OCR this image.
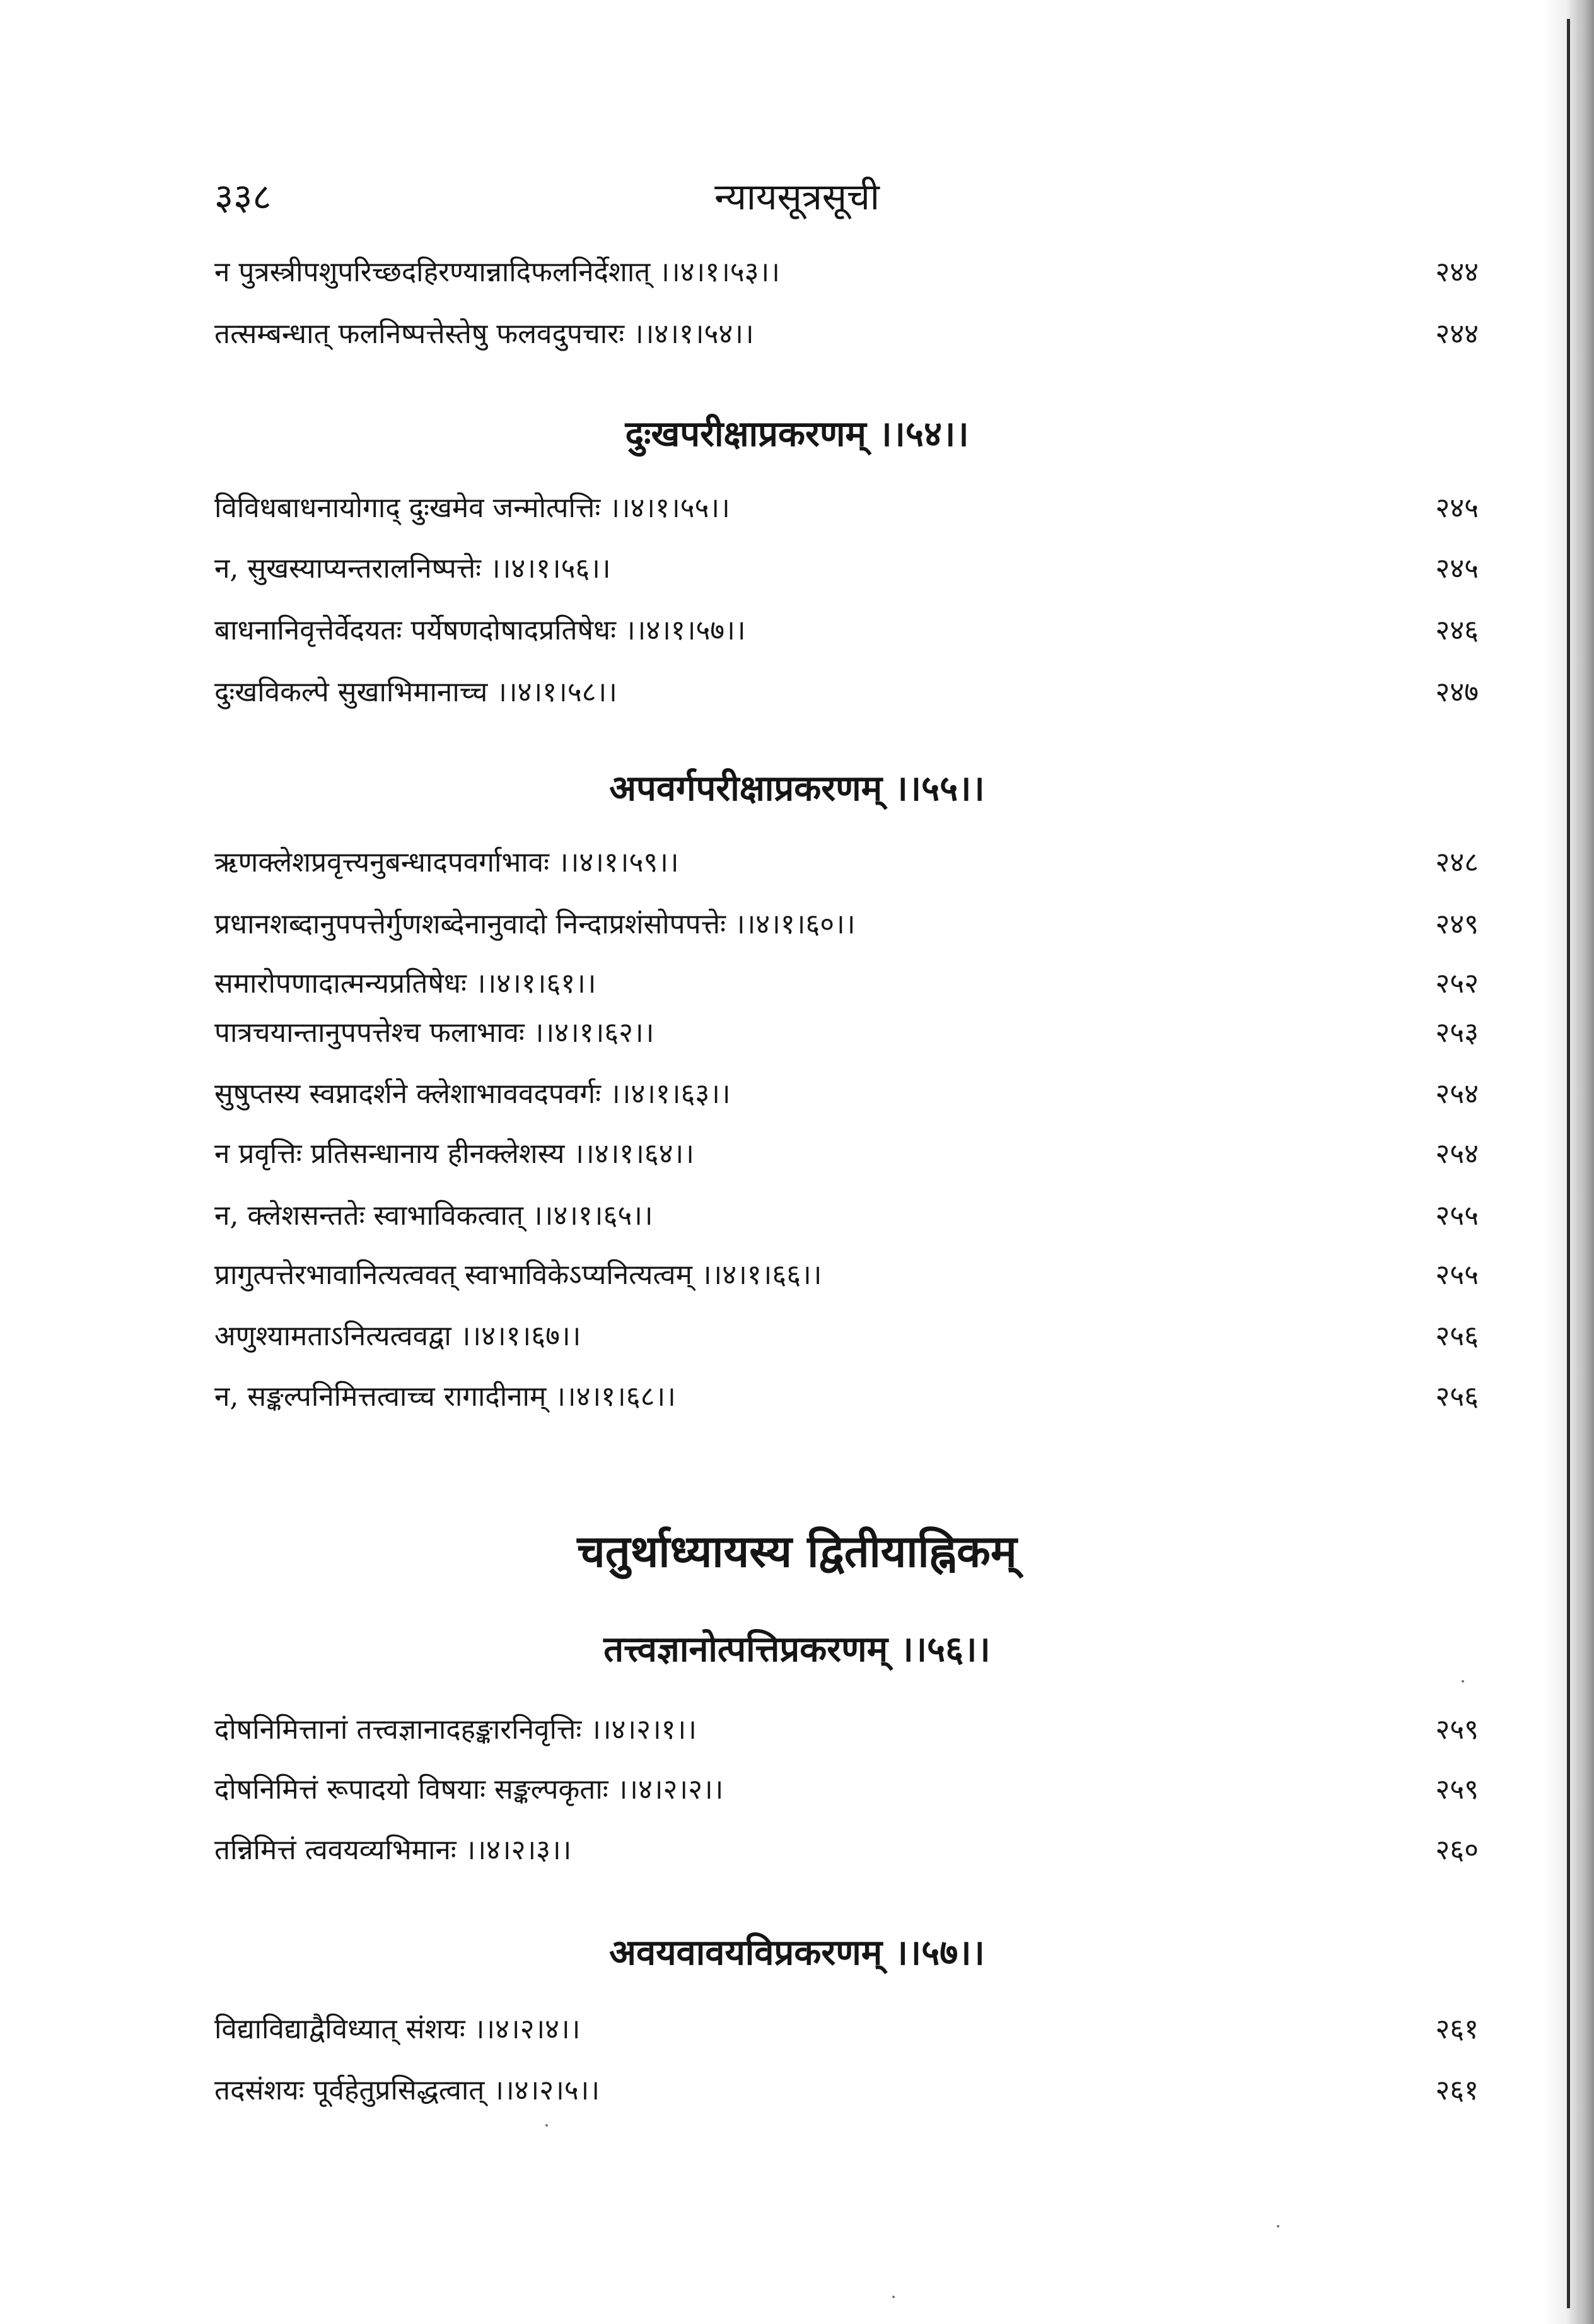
न्यायसूत्रसूची
३३८
न पुत्रस्त्रीपशुपरिच्छदहिरण्यान्नादिफलनिर्देशात् ।।४।१।५३।।	२४४
तत्सम्बन्धात् फलनिष्पत्तेस्तेषु फलवदुपचारः ।।४।१।५४।।	२४४
दुःखपरीक्षाप्रकरणम् ।।५४।।
विविधबाधनायोगाद् दुःखमेव जन्मोत्पत्तिः ।।४।१।५५।।	२४५
न, सुखस्याप्यन्तरालनिष्पत्तेः ।।४।१।५६।।	२४५
बाधनानिवृत्तेर्वेदयतः पर्येषणदोषादप्रतिषेधः ।।४।१।५७।।	२४६
दुःखविकल्पे सुखाभिमानाच्च ।।४।१।५८।।	२४७
अपवर्गपरीक्षाप्रकरणम् ।।५५।।
ऋणक्लेशप्रवृत्त्यनुबन्धादपवर्गाभावः ।।४।१।५९।।	२४८
प्रधानशब्दानुपपत्तेर्गुणशब्देनानुवादो निन्दाप्रशंसोपपत्तेः ।।४।१।६०।।	२४९
समारोपणादात्मन्यप्रतिषेधः ।।४।१।६१।।	२५२
पात्रचयान्तानुपपत्तेश्च फलाभावः ।।४।१।६२।।	२५३
सुषुप्तस्य स्वप्नादर्शने क्लेशाभाववदपवर्गः ।।४।१।६३।।	२५४
न प्रवृत्तिः प्रतिसन्धानाय हीनक्लेशस्य ।।४।१।६४।।	२५४
न, क्लेशसन्ततेः स्वाभाविकत्वात् ।।४।१।६५।।	२५५
प्रागुत्पत्तेरभावानित्यत्ववत् स्वाभाविकेऽप्यनित्यत्वम् ।।४।१।६६।।	२५५
अणुश्यामताऽनित्यत्ववद्वा ।।४।१।६७।।	२५६
न, सङ्कल्पनिमित्तत्वाच्च रागादीनाम् ।।४।१।६८।।	२५६
चतुर्थाध्यायस्य द्वितीयाह्निकम्
तत्त्वज्ञानोत्पत्तिप्रकरणम् ।।५६।।
दोषनिमित्तानां तत्त्वज्ञानादहङ्कारनिवृत्तिः ।।४।२।१।।	२५९
दोषनिमित्तं रूपादयो विषयाः सङ्कल्पकृताः ।।४।२।२।।	२५९
तन्निमित्तं त्ववयव्यभिमानः ।।४।२।३।।	२६०
अवयवावयविप्रकरणम् ।।५७।।
विद्याविद्याद्वैविध्यात् संशयः ।।४।२।४।।	२६१
तदसंशयः पूर्वहेतुप्रसिद्धत्वात् ।।४।२।५।।	२६१
